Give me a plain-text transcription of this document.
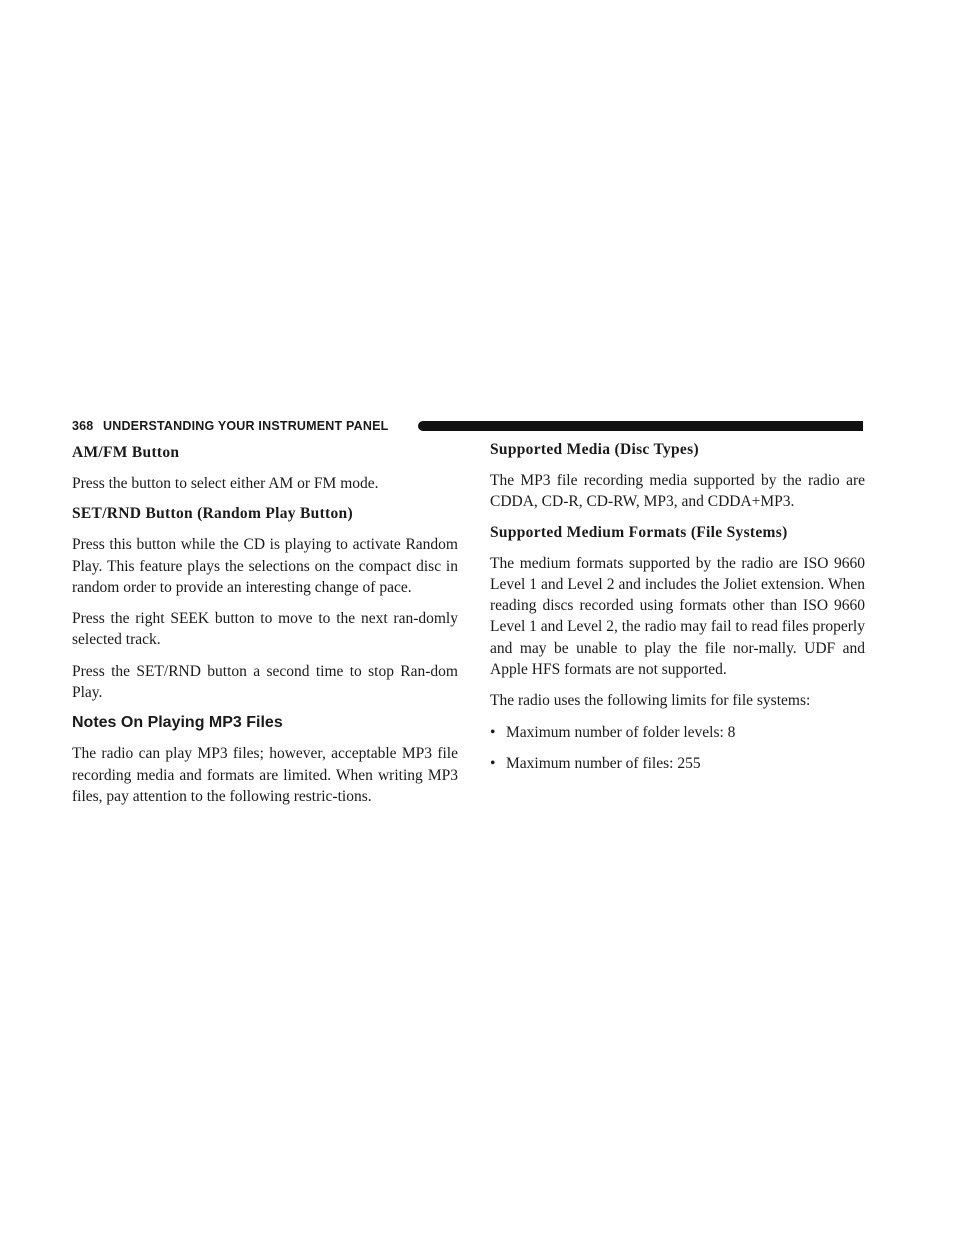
368 UNDERSTANDING YOUR INSTRUMENT PANEL
AM/FM Button

Press the button to select either AM or FM mode.

SET/RND Button (Random Play Button)

Press this button while the CD is playing to activate Random Play. This feature plays the selections on the compact disc in random order to provide an interesting change of pace.

Press the right SEEK button to move to the next ran-domly selected track.

Press the SET/RND button a second time to stop Ran-dom Play.

Notes On Playing MP3 Files

The radio can play MP3 files; however, acceptable MP3 file recording media and formats are limited. When writing MP3 files, pay attention to the following restric-tions.

Supported Media (Disc Types)

The MP3 file recording media supported by the radio are CDDA, CD-R, CD-RW, MP3, and CDDA+MP3.

Supported Medium Formats (File Systems)

The medium formats supported by the radio are ISO 9660 Level 1 and Level 2 and includes the Joliet extension. When reading discs recorded using formats other than ISO 9660 Level 1 and Level 2, the radio may fail to read files properly and may be unable to play the file nor-mally. UDF and Apple HFS formats are not supported.

The radio uses the following limits for file systems:

• Maximum number of folder levels: 8
• Maximum number of files: 255
